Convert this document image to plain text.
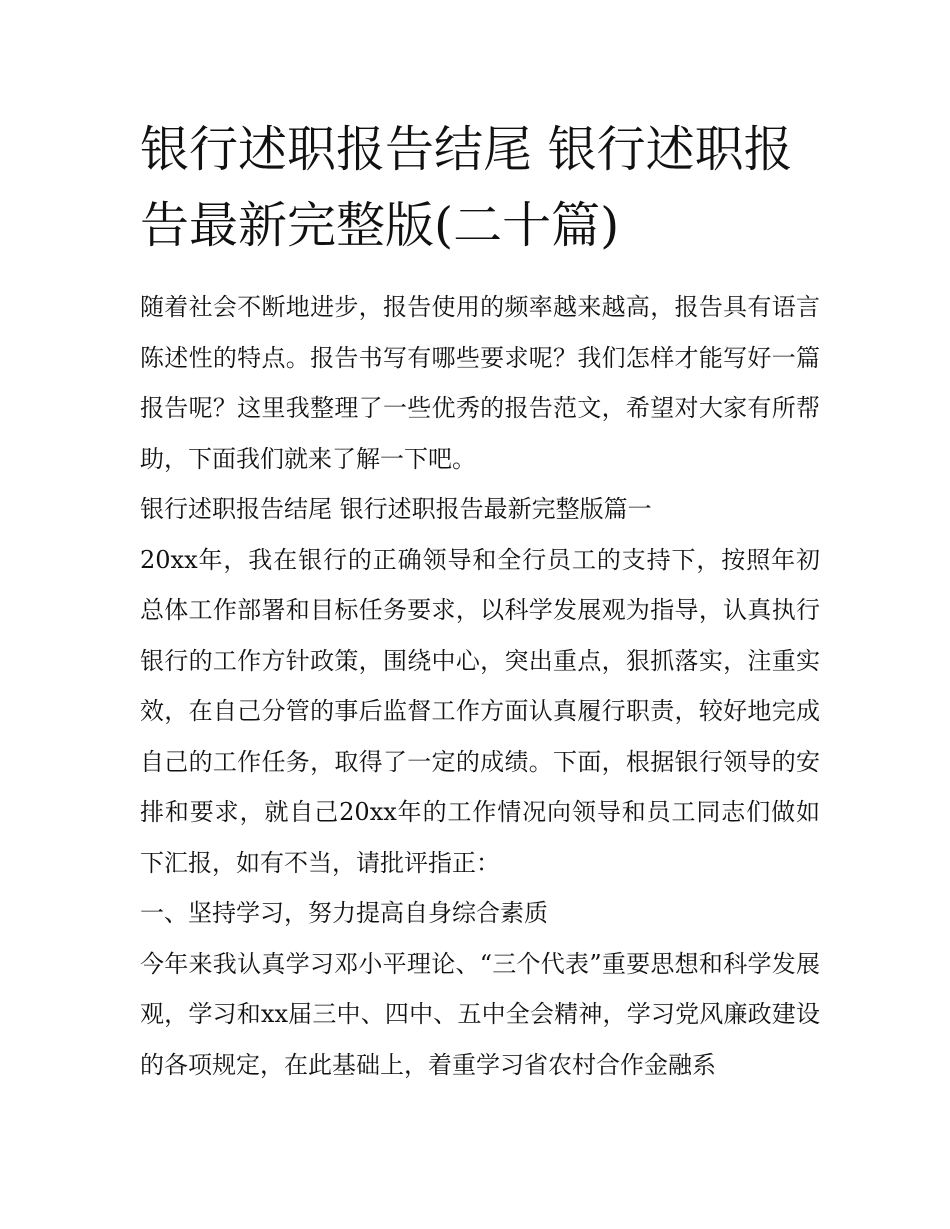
银行述职报告结尾 银行述职报告最新完整版(二十篇)

随着社会不断地进步，报告使用的频率越来越高，报告具有语言陈述性的特点。报告书写有哪些要求呢？我们怎样才能写好一篇报告呢？这里我整理了一些优秀的报告范文，希望对大家有所帮助，下面我们就来了解一下吧。

银行述职报告结尾 银行述职报告最新完整版篇一

20xx年，我在银行的正确领导和全行员工的支持下，按照年初总体工作部署和目标任务要求，以科学发展观为指导，认真执行银行的工作方针政策，围绕中心，突出重点，狠抓落实，注重实效，在自己分管的事后监督工作方面认真履行职责，较好地完成自己的工作任务，取得了一定的成绩。下面，根据银行领导的安排和要求，就自己20xx年的工作情况向领导和员工同志们做如下汇报，如有不当，请批评指正：

一、坚持学习，努力提高自身综合素质

今年来我认真学习邓小平理论、“三个代表”重要思想和科学发展观，学习和xx届三中、四中、五中全会精神，学习党风廉政建设的各项规定，在此基础上，着重学习省农村合作金融系
